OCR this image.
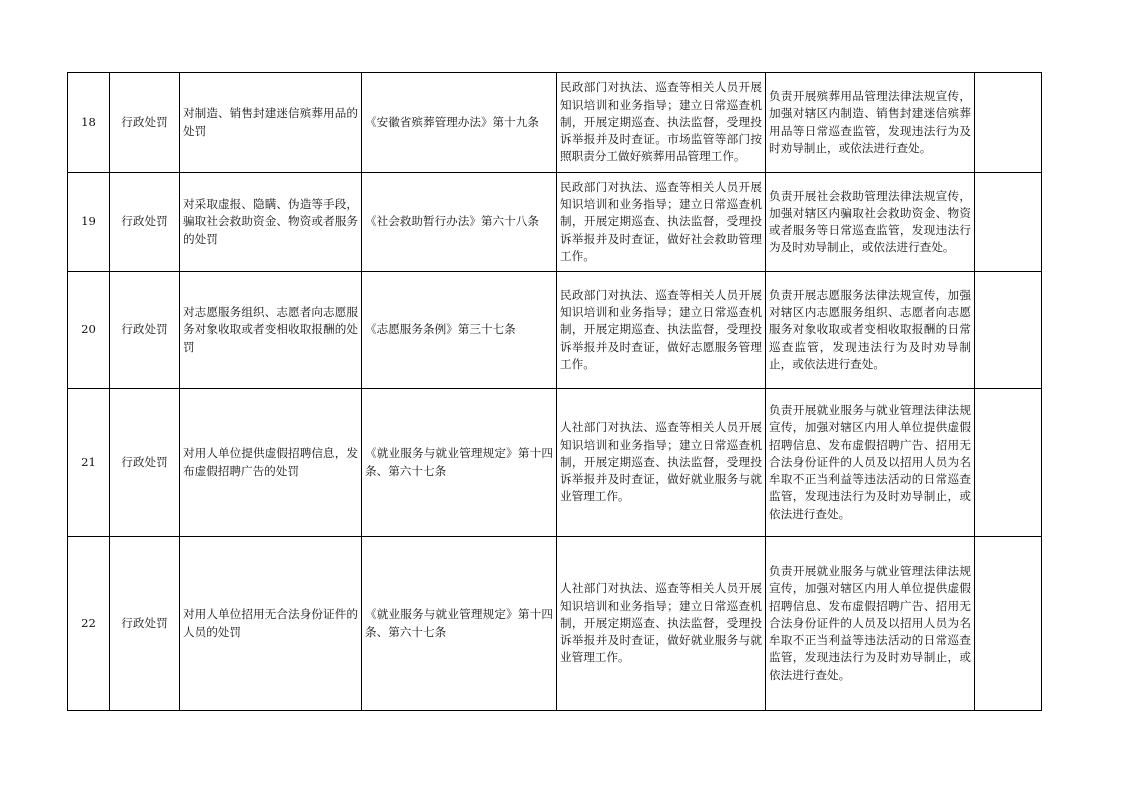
18	行政处罚	对制造、销售封建迷信殡葬用品的处罚	《安徽省殡葬管理办法》第十九条	民政部门对执法、巡查等相关人员开展知识培训和业务指导；建立日常巡查机制，开展定期巡查、执法监督，受理投诉举报并及时查证。市场监管等部门按照职责分工做好殡葬用品管理工作。	负责开展殡葬用品管理法律法规宣传，加强对辖区内制造、销售封建迷信殡葬用品等日常巡查监管，发现违法行为及时劝导制止，或依法进行查处。	
19	行政处罚	对采取虚报、隐瞒、伪造等手段，骗取社会救助资金、物资或者服务的处罚	《社会救助暂行办法》第六十八条	民政部门对执法、巡查等相关人员开展知识培训和业务指导；建立日常巡查机制，开展定期巡查、执法监督，受理投诉举报并及时查证，做好社会救助管理工作。	负责开展社会救助管理法律法规宣传，加强对辖区内骗取社会救助资金、物资或者服务等日常巡查监管，发现违法行为及时劝导制止，或依法进行查处。	
20	行政处罚	对志愿服务组织、志愿者向志愿服务对象收取或者变相收取报酬的处罚	《志愿服务条例》第三十七条	民政部门对执法、巡查等相关人员开展知识培训和业务指导；建立日常巡查机制，开展定期巡查、执法监督，受理投诉举报并及时查证，做好志愿服务管理工作。	负责开展志愿服务法律法规宣传，加强对辖区内志愿服务组织、志愿者向志愿服务对象收取或者变相收取报酬的日常巡查监管，发现违法行为及时劝导制止，或依法进行查处。	
21	行政处罚	对用人单位提供虚假招聘信息，发布虚假招聘广告的处罚	《就业服务与就业管理规定》第十四条、第六十七条	人社部门对执法、巡查等相关人员开展知识培训和业务指导；建立日常巡查机制，开展定期巡查、执法监督，受理投诉举报并及时查证，做好就业服务与就业管理工作。	负责开展就业服务与就业管理法律法规宣传，加强对辖区内用人单位提供虚假招聘信息、发布虚假招聘广告、招用无合法身份证件的人员及以招用人员为名牟取不正当利益等违法活动的日常巡查监管，发现违法行为及时劝导制止，或依法进行查处。	
22	行政处罚	对用人单位招用无合法身份证件的人员的处罚	《就业服务与就业管理规定》第十四条、第六十七条	人社部门对执法、巡查等相关人员开展知识培训和业务指导；建立日常巡查机制，开展定期巡查、执法监督，受理投诉举报并及时查证，做好就业服务与就业管理工作。	负责开展就业服务与就业管理法律法规宣传，加强对辖区内用人单位提供虚假招聘信息、发布虚假招聘广告、招用无合法身份证件的人员及以招用人员为名牟取不正当利益等违法活动的日常巡查监管，发现违法行为及时劝导制止，或依法进行查处。	
